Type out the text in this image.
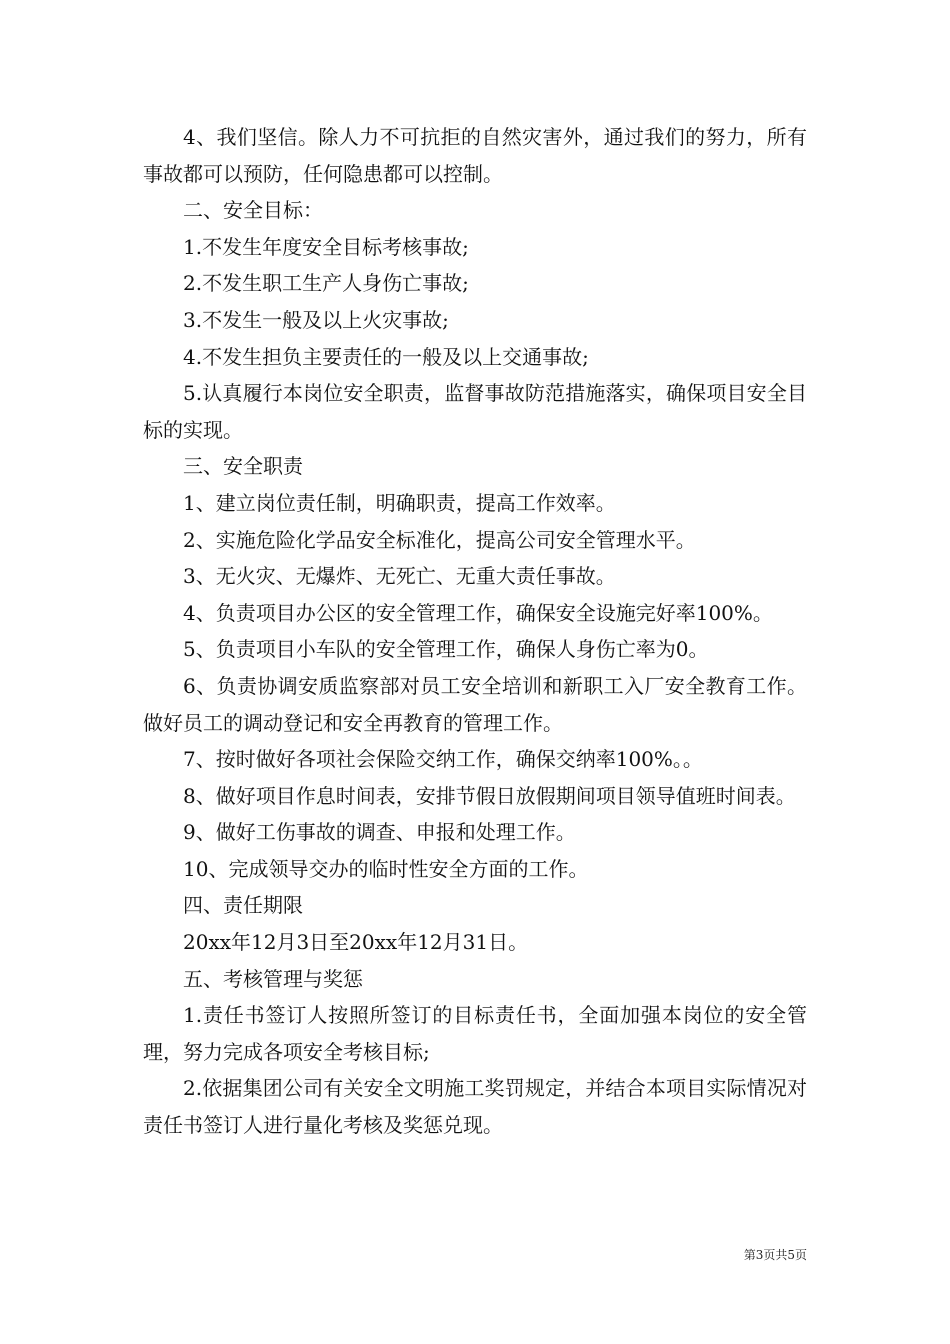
4、我们坚信。除人力不可抗拒的自然灾害外，通过我们的努力，所有事故都可以预防，任何隐患都可以控制。

二、安全目标：

1.不发生年度安全目标考核事故;

2.不发生职工生产人身伤亡事故;

3.不发生一般及以上火灾事故;

4.不发生担负主要责任的一般及以上交通事故;

5.认真履行本岗位安全职责，监督事故防范措施落实，确保项目安全目标的实现。

三、安全职责

1、建立岗位责任制，明确职责，提高工作效率。

2、实施危险化学品安全标准化，提高公司安全管理水平。

3、无火灾、无爆炸、无死亡、无重大责任事故。

4、负责项目办公区的安全管理工作，确保安全设施完好率100%。

5、负责项目小车队的安全管理工作，确保人身伤亡率为0。

6、负责协调安质监察部对员工安全培训和新职工入厂安全教育工作。做好员工的调动登记和安全再教育的管理工作。

7、按时做好各项社会保险交纳工作，确保交纳率100%。。

8、做好项目作息时间表，安排节假日放假期间项目领导值班时间表。

9、做好工伤事故的调查、申报和处理工作。

10、完成领导交办的临时性安全方面的工作。

四、责任期限

20xx年12月3日至20xx年12月31日。

五、考核管理与奖惩

1.责任书签订人按照所签订的目标责任书，全面加强本岗位的安全管理，努力完成各项安全考核目标;

2.依据集团公司有关安全文明施工奖罚规定，并结合本项目实际情况对责任书签订人进行量化考核及奖惩兑现。

第3页共5页
